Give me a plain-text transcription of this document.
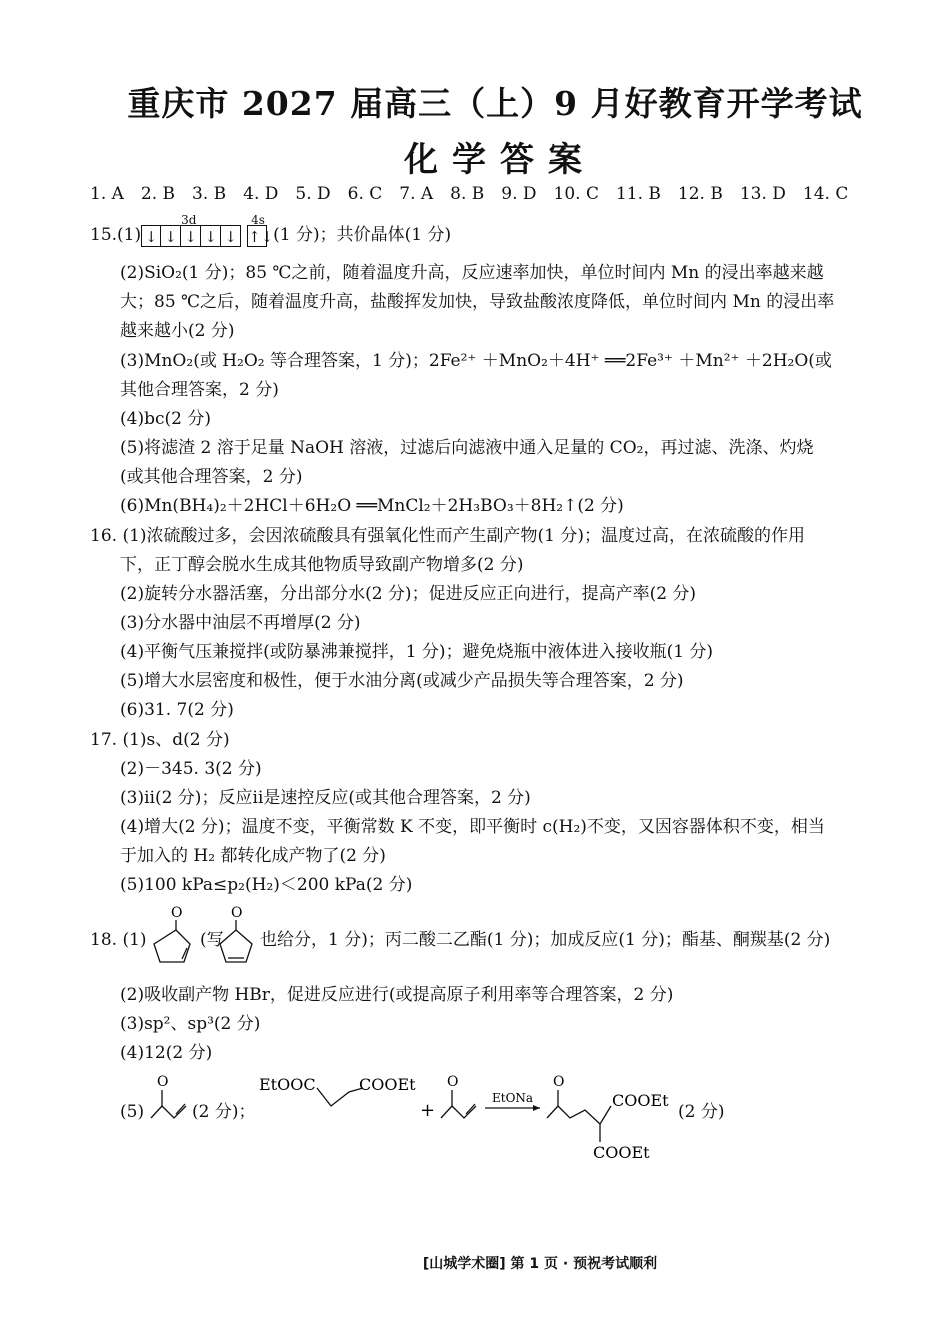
重庆市 2027 届高三（上）9 月好教育开学考试
化学答案
1. A　2. B　3. B　4. D　5. D　6. C　7. A　8. B　9. D　10. C　11. B　12. B　13. D　14. C
15.(1)
3d
↓ ↓ ↓ ↓ ↓
4s
↑↓(1 分)；共价晶体(1 分)
(2)SiO₂(1 分)；85 ℃之前，随着温度升高，反应速率加快，单位时间内 Mn 的浸出率越来越
大；85 ℃之后，随着温度升高，盐酸挥发加快，导致盐酸浓度降低，单位时间内 Mn 的浸出率
越来越小(2 分)
(3)MnO₂(或 H₂O₂ 等合理答案，1 分)；2Fe²⁺ ＋MnO₂＋4H⁺ ══2Fe³⁺ ＋Mn²⁺ ＋2H₂O(或
其他合理答案，2 分)
(4)bc(2 分)
(5)将滤渣 2 溶于足量 NaOH 溶液，过滤后向滤液中通入足量的 CO₂，再过滤、洗涤、灼烧
(或其他合理答案，2 分)
(6)Mn(BH₄)₂＋2HCl＋6H₂O ══MnCl₂＋2H₃BO₃＋8H₂↑(2 分)
16. (1)浓硫酸过多，会因浓硫酸具有强氧化性而产生副产物(1 分)；温度过高，在浓硫酸的作用
下，正丁醇会脱水生成其他物质导致副产物增多(2 分)
(2)旋转分水器活塞，分出部分水(2 分)；促进反应正向进行，提高产率(2 分)
(3)分水器中油层不再增厚(2 分)
(4)平衡气压兼搅拌(或防暴沸兼搅拌，1 分)；避免烧瓶中液体进入接收瓶(1 分)
(5)增大水层密度和极性，便于水油分离(或减少产品损失等合理答案，2 分)
(6)31. 7(2 分)
17. (1)s、d(2 分)
(2)－345. 3(2 分)
(3)ⅱ(2 分)；反应ⅱ是速控反应(或其他合理答案，2 分)
(4)增大(2 分)；温度不变，平衡常数 K 不变，即平衡时 c(H₂)不变，又因容器体积不变，相当
于加入的 H₂ 都转化成产物了(2 分)
(5)100 kPa≤p₂(H₂)＜200 kPa(2 分)
18. (1)
O
(写
O
也给分，1 分)；丙二酸二乙酯(1 分)；加成反应(1 分)；酯基、酮羰基(2 分)
(2)吸收副产物 HBr，促进反应进行(或提高原子利用率等合理答案，2 分)
(3)sp²、sp³(2 分)
(4)12(2 分)
(5)
O
(2 分)；
EtOOC	COOEt
+
O
EtONa
O
COOEt
COOEt
(2 分)
[山城学术圈] 第 1 页 · 预祝考试顺利
